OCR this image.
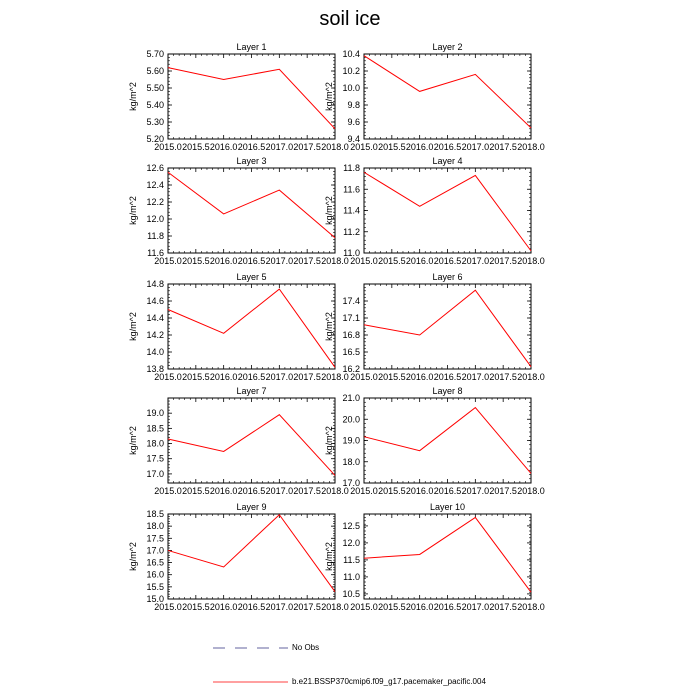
soil ice
Layer 1
kg/m^2
2015.0 2015.5 2016.0 2016.5 2017.0 2017.5 2018.0
5.20
5.30
5.40
5.50
5.60
5.70
Layer 2
kg/m^2
2015.0 2015.5 2016.0 2016.5 2017.0 2017.5 2018.0
9.4
9.6
9.8
10.0
10.2
10.4
Layer 3
kg/m^2
2015.0 2015.5 2016.0 2016.5 2017.0 2017.5 2018.0
11.6
11.8
12.0
12.2
12.4
12.6
Layer 4
kg/m^2
2015.0 2015.5 2016.0 2016.5 2017.0 2017.5 2018.0
11.0
11.2
11.4
11.6
11.8
Layer 5
kg/m^2
2015.0 2015.5 2016.0 2016.5 2017.0 2017.5 2018.0
13.8
14.0
14.2
14.4
14.6
14.8
Layer 6
kg/m^2
2015.0 2015.5 2016.0 2016.5 2017.0 2017.5 2018.0
16.2
16.5
16.8
17.1
17.4
Layer 7
kg/m^2
2015.0 2015.5 2016.0 2016.5 2017.0 2017.5 2018.0
17.0
17.5
18.0
18.5
19.0
Layer 8
kg/m^2
2015.0 2015.5 2016.0 2016.5 2017.0 2017.5 2018.0
17.0
18.0
19.0
20.0
21.0
Layer 9
kg/m^2
2015.0 2015.5 2016.0 2016.5 2017.0 2017.5 2018.0
15.0
15.5
16.0
16.5
17.0
17.5
18.0
18.5
Layer 10
kg/m^2
2015.0 2015.5 2016.0 2016.5 2017.0 2017.5 2018.0
10.5
11.0
11.5
12.0
12.5
No Obs
b.e21.BSSP370cmip6.f09_g17.pacemaker_pacific.004
